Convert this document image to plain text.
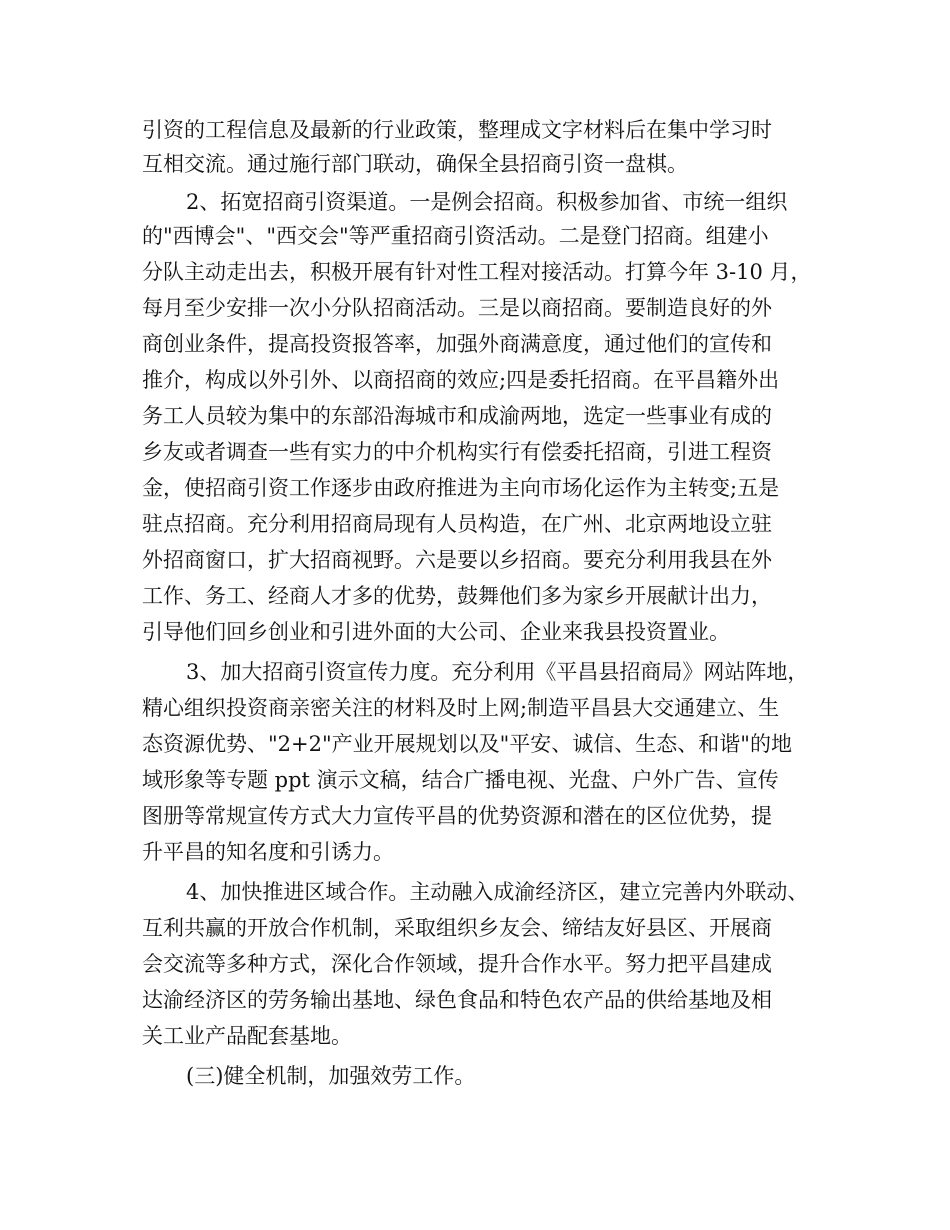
引资的工程信息及最新的行业政策，整理成文字材料后在集中学习时
互相交流。通过施行部门联动，确保全县招商引资一盘棋。
2、拓宽招商引资渠道。一是例会招商。积极参加省、市统一组织
的"西博会"、"西交会"等严重招商引资活动。二是登门招商。组建小
分队主动走出去，积极开展有针对性工程对接活动。打算今年 3-10 月，
每月至少安排一次小分队招商活动。三是以商招商。要制造良好的外
商创业条件，提高投资报答率，加强外商满意度，通过他们的宣传和
推介，构成以外引外、以商招商的效应;四是委托招商。在平昌籍外出
务工人员较为集中的东部沿海城市和成渝两地，选定一些事业有成的
乡友或者调查一些有实力的中介机构实行有偿委托招商，引进工程资
金，使招商引资工作逐步由政府推进为主向市场化运作为主转变;五是
驻点招商。充分利用招商局现有人员构造，在广州、北京两地设立驻
外招商窗口，扩大招商视野。六是要以乡招商。要充分利用我县在外
工作、务工、经商人才多的优势，鼓舞他们多为家乡开展献计出力，
引导他们回乡创业和引进外面的大公司、企业来我县投资置业。
3、加大招商引资宣传力度。充分利用《平昌县招商局》网站阵地，
精心组织投资商亲密关注的材料及时上网;制造平昌县大交通建立、生
态资源优势、"2+2"产业开展规划以及"平安、诚信、生态、和谐"的地
域形象等专题 ppt 演示文稿，结合广播电视、光盘、户外广告、宣传
图册等常规宣传方式大力宣传平昌的优势资源和潜在的区位优势，提
升平昌的知名度和引诱力。
4、加快推进区域合作。主动融入成渝经济区，建立完善内外联动、
互利共赢的开放合作机制，采取组织乡友会、缔结友好县区、开展商
会交流等多种方式，深化合作领域，提升合作水平。努力把平昌建成
达渝经济区的劳务输出基地、绿色食品和特色农产品的供给基地及相
关工业产品配套基地。
(三)健全机制，加强效劳工作。
